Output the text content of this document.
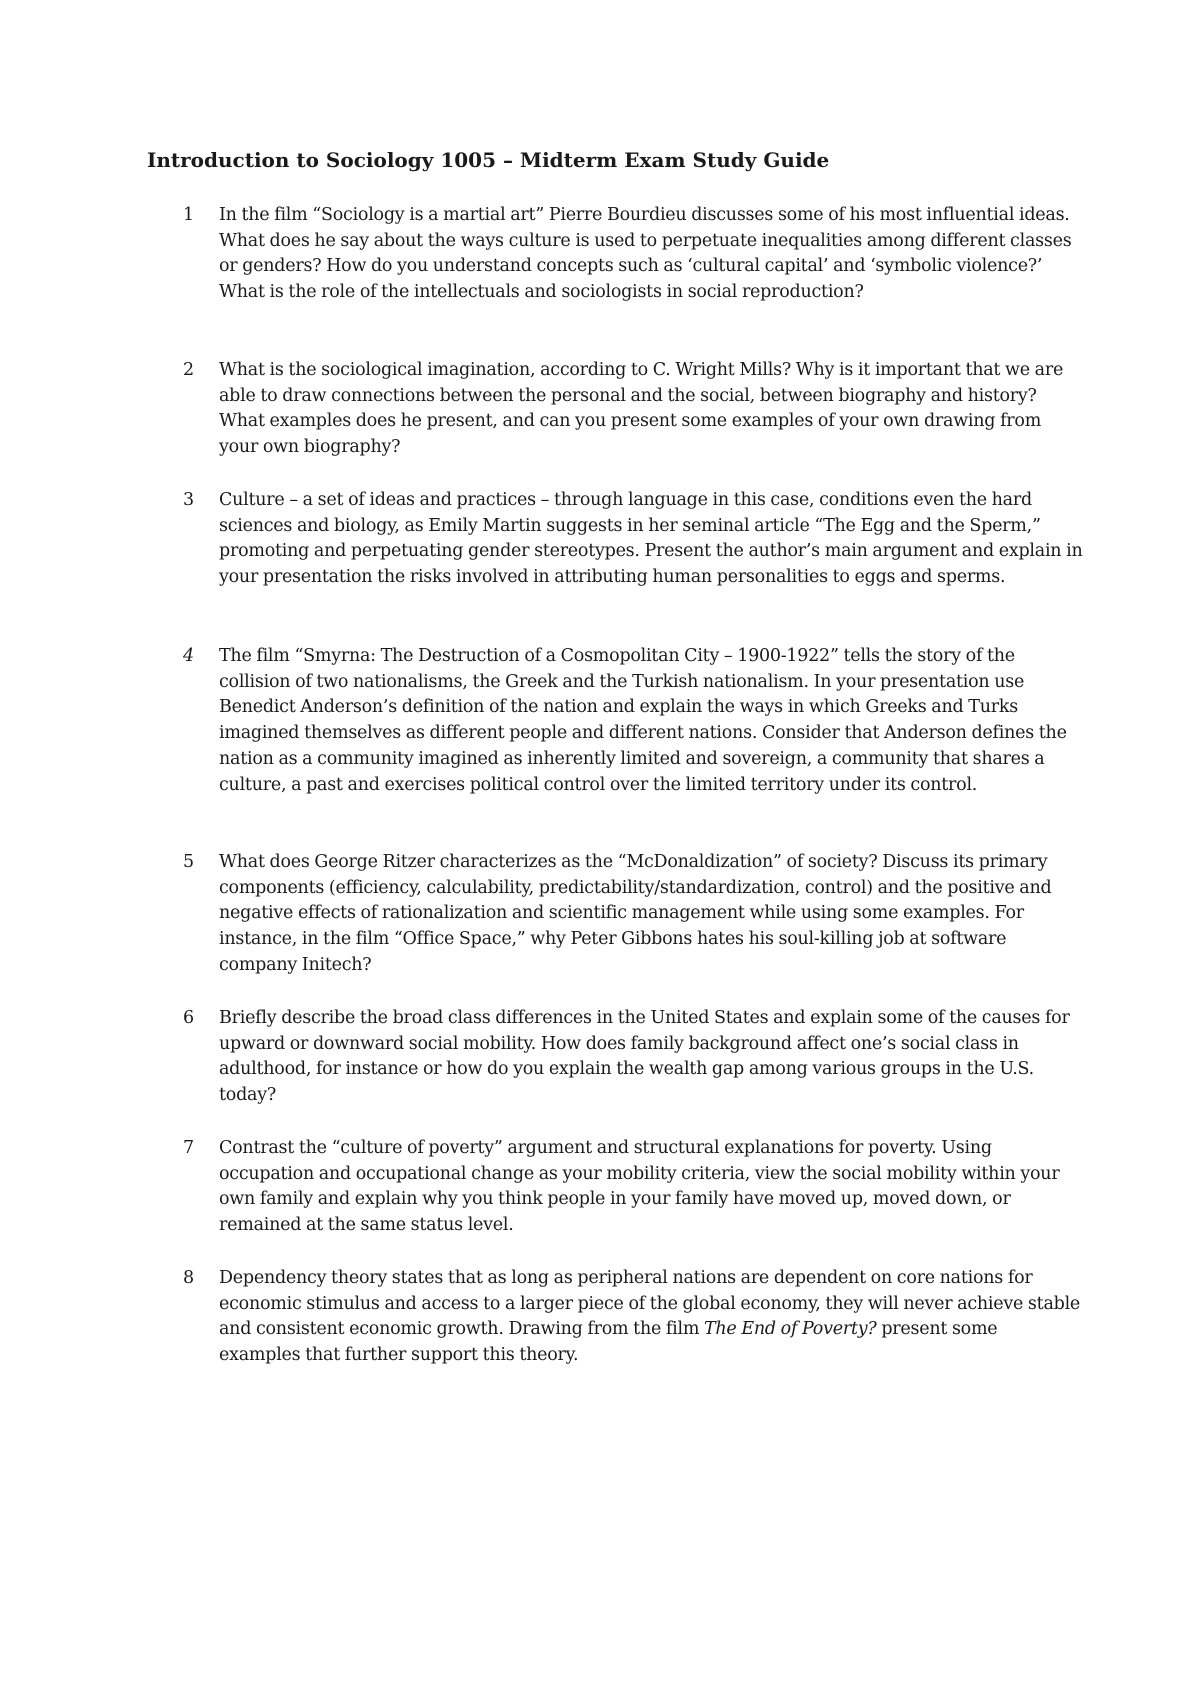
Introduction to Sociology 1005 – Midterm Exam Study Guide
1	In the film “Sociology is a martial art” Pierre Bourdieu discusses some of his most influential ideas. What does he say about the ways culture is used to perpetuate inequalities among different classes or genders? How do you understand concepts such as ‘cultural capital’ and ‘symbolic violence?’ What is the role of the intellectuals and sociologists in social reproduction?
2	What is the sociological imagination, according to C. Wright Mills? Why is it important that we are able to draw connections between the personal and the social, between biography and history? What examples does he present, and can you present some examples of your own drawing from your own biography?
3	Culture – a set of ideas and practices – through language in this case, conditions even the hard sciences and biology, as Emily Martin suggests in her seminal article “The Egg and the Sperm,” promoting and perpetuating gender stereotypes. Present the author’s main argument and explain in your presentation the risks involved in attributing human personalities to eggs and sperms.
4	The film “Smyrna: The Destruction of a Cosmopolitan City – 1900-1922” tells the story of the collision of two nationalisms, the Greek and the Turkish nationalism. In your presentation use Benedict Anderson’s definition of the nation and explain the ways in which Greeks and Turks imagined themselves as different people and different nations. Consider that Anderson defines the nation as a community imagined as inherently limited and sovereign, a community that shares a culture, a past and exercises political control over the limited territory under its control.
5	What does George Ritzer characterizes as the “McDonaldization” of society? Discuss its primary components (efficiency, calculability, predictability/standardization, control) and the positive and negative effects of rationalization and scientific management while using some examples. For instance, in the film “Office Space,” why Peter Gibbons hates his soul-killing job at software company Initech?
6	Briefly describe the broad class differences in the United States and explain some of the causes for upward or downward social mobility. How does family background affect one’s social class in adulthood, for instance or how do you explain the wealth gap among various groups in the U.S. today?
7	Contrast the “culture of poverty” argument and structural explanations for poverty. Using occupation and occupational change as your mobility criteria, view the social mobility within your own family and explain why you think people in your family have moved up, moved down, or remained at the same status level.
8	Dependency theory states that as long as peripheral nations are dependent on core nations for economic stimulus and access to a larger piece of the global economy, they will never achieve stable and consistent economic growth. Drawing from the film The End of Poverty? present some examples that further support this theory.
